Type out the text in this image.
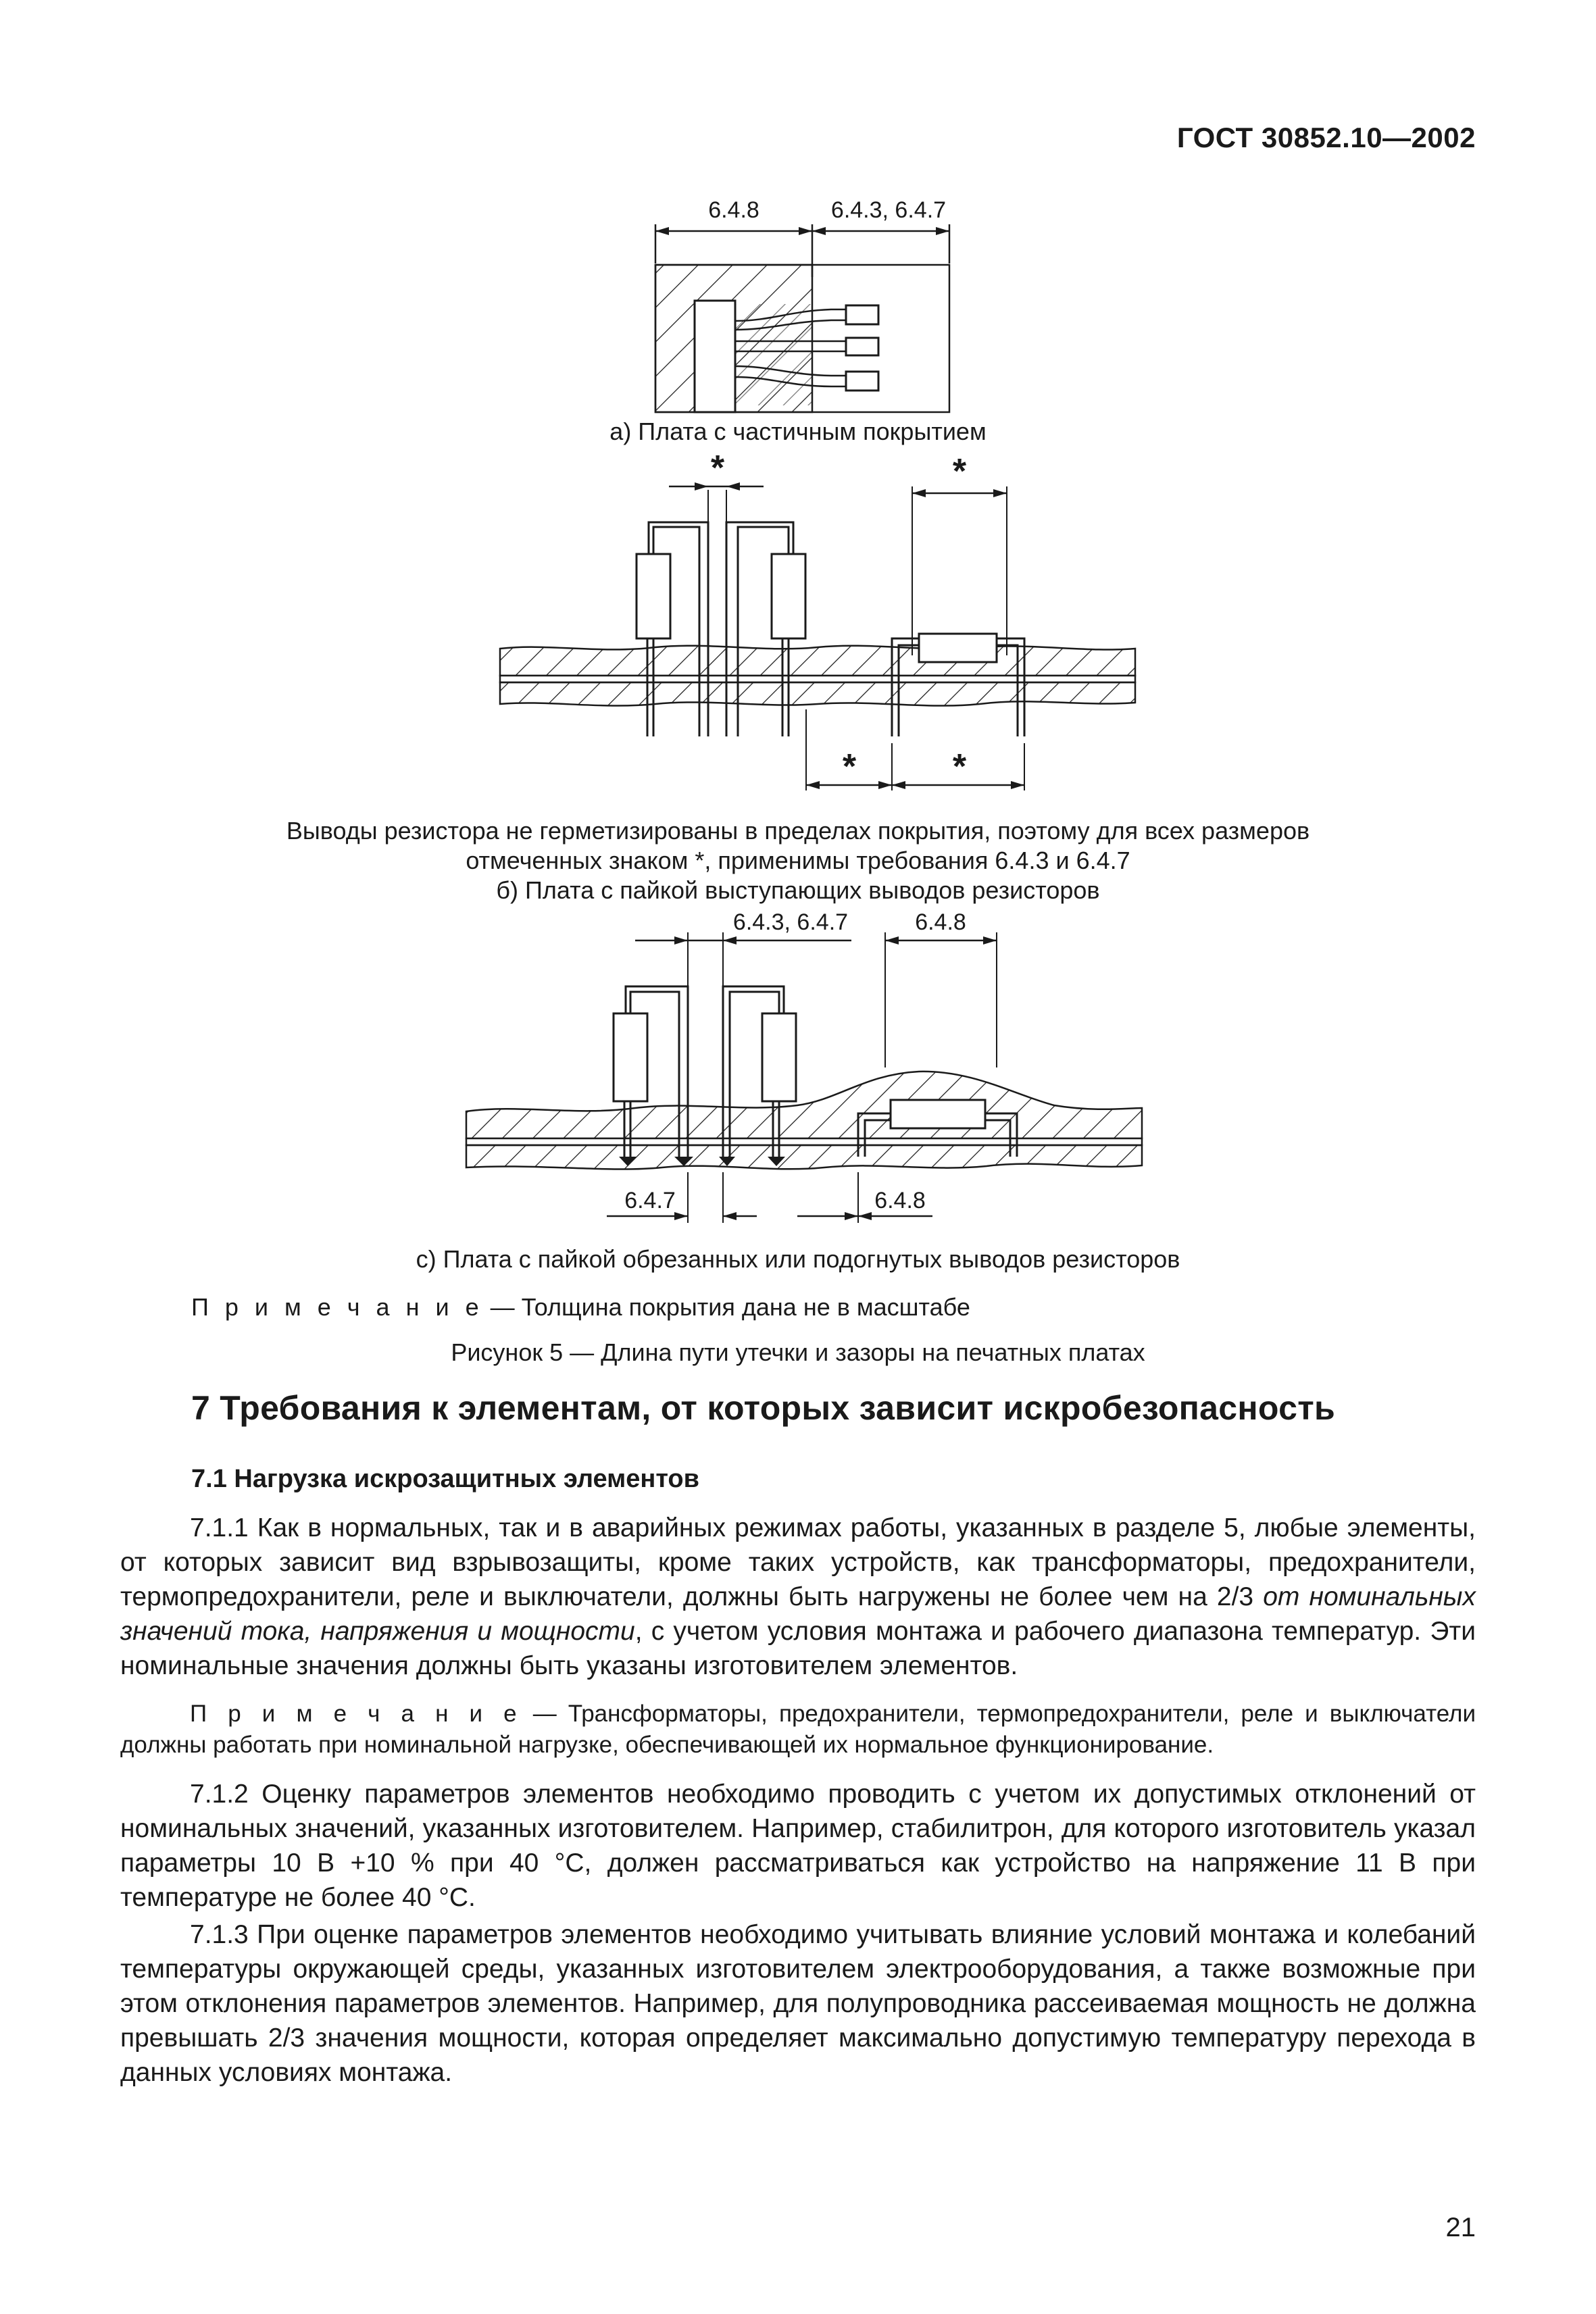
ГОСТ 30852.10—2002
6.4.8	6.4.3, 6.4.7
а) Плата с частичным покрытием
*	*
*	*
Выводы резистора не герметизированы в пределах покрытия, поэтому для всех размеров
отмеченных знаком *, применимы требования 6.4.3 и 6.4.7
б) Плата с пайкой выступающих выводов резисторов
6.4.3, 6.4.7	6.4.8
6.4.7	6.4.8
с) Плата с пайкой обрезанных или подогнутых выводов резисторов
П р и м е ч а н и е — Толщина покрытия дана не в масштабе
Рисунок 5 — Длина пути утечки и зазоры на печатных платах
7 Требования к элементам, от которых зависит искробезопасность
7.1 Нагрузка искрозащитных элементов

7.1.1 Как в нормальных, так и в аварийных режимах работы, указанных в разделе 5, любые элементы, от которых зависит вид взрывозащиты, кроме таких устройств, как трансформаторы, предохранители, термопредохранители, реле и выключатели, должны быть нагружены не более чем на 2/3 от номинальных значений тока, напряжения и мощности, с учетом условия монтажа и рабочего диапазона температур. Эти номинальные значения должны быть указаны изготовителем элементов.

П р и м е ч а н и е — Трансформаторы, предохранители, термопредохранители, реле и выключатели должны работать при номинальной нагрузке, обеспечивающей их нормальное функционирование.

7.1.2 Оценку параметров элементов необходимо проводить с учетом их допустимых отклонений от номинальных значений, указанных изготовителем. Например, стабилитрон, для которого изготовитель указал параметры 10 В +10 % при 40 °С, должен рассматриваться как устройство на напряжение 11 В при температуре не более 40 °С.

7.1.3 При оценке параметров элементов необходимо учитывать влияние условий монтажа и колебаний температуры окружающей среды, указанных изготовителем электрооборудования, а также возможные при этом отклонения параметров элементов. Например, для полупроводника рассеиваемая мощность не должна превышать 2/3 значения мощности, которая определяет максимально допустимую температуру перехода в данных условиях монтажа.

21
